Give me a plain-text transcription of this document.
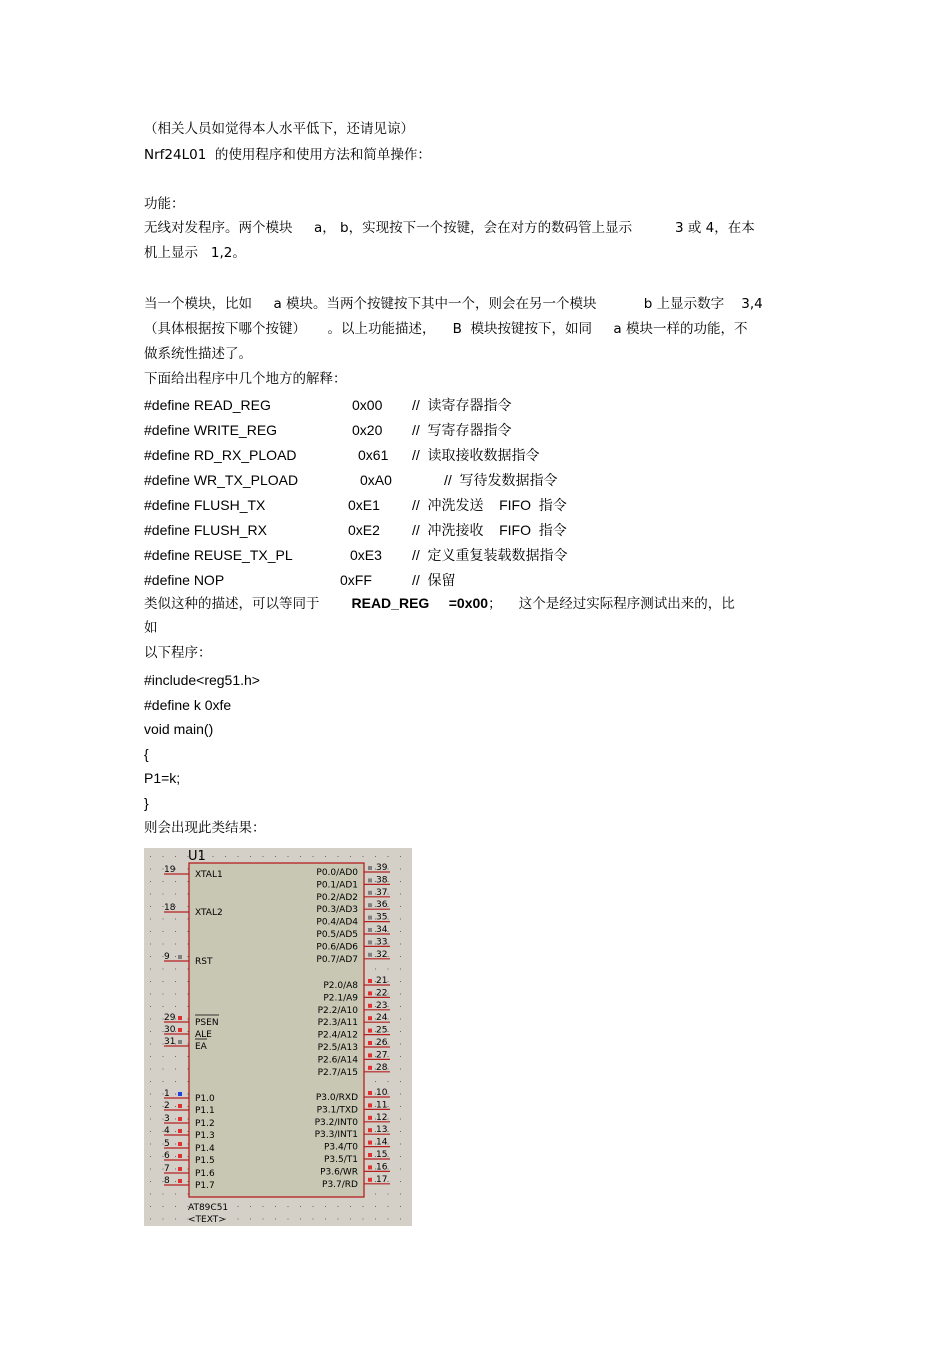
（相关人员如觉得本人水平低下，还请见谅）
Nrf24L01  的使用程序和使用方法和简单操作：
功能：
无线对发程序。两个模块     a， b，实现按下一个按键，会在对方的数码管上显示          3 或 4，在本
机上显示   1,2。
当一个模块，比如     a 模块。当两个按键按下其中一个，则会在另一个模块           b 上显示数字    3,4
（具体根据按下哪个按键）     。以上功能描述，    B  模块按键按下，如同     a 模块一样的功能，不
做系统性描述了。
下面给出程序中几个地方的解释：
#define READ_REG	0x00 //  读寄存器指令
#define WRITE_REG	0x20 //  写寄存器指令
#define RD_RX_PLOAD	0x61 //  读取接收数据指令
#define WR_TX_PLOAD	0xA0	//  写待发数据指令
#define FLUSH_TX	0xE1 //  冲洗发送    FIFO  指令
#define FLUSH_RX	0xE2 //  冲洗接收    FIFO  指令
#define REUSE_TX_PL	0xE3 //  定义重复装载数据指令
#define NOP	0xFF	//  保留
类似这种的描述，可以等同于 READ_REG     =0x00；    这个是经过实际程序测试出来的，比
如
以下程序：
#include<reg51.h>
#define k 0xfe
void main()
{
P1=k;
}
则会出现此类结果：
U1
AT89C51
<TEXT>
19 XTAL1
18 XTAL2
9	RST
29 PSEN
30 ALE
31 EA
1	P1.0
2	P1.1
3	P1.2
4	P1.3
5	P1.4
6	P1.5
7	P1.6
8	P1.7
39
P0.0/AD0
38
P0.1/AD1
37
P0.2/AD2
36
P0.3/AD3
35
P0.4/AD4
34
P0.5/AD5
33
P0.6/AD6
32
P0.7/AD7
21
P2.0/A8
22
P2.1/A9
23
P2.2/A10
24
P2.3/A11
25
P2.4/A12
26
P2.5/A13
27
P2.6/A14
28
P2.7/A15
10
P3.0/RXD
11
P3.1/TXD
12
P3.2/INT0
13
P3.3/INT1
14
P3.4/T0
15
P3.5/T1
16
P3.6/WR
17
P3.7/RD
